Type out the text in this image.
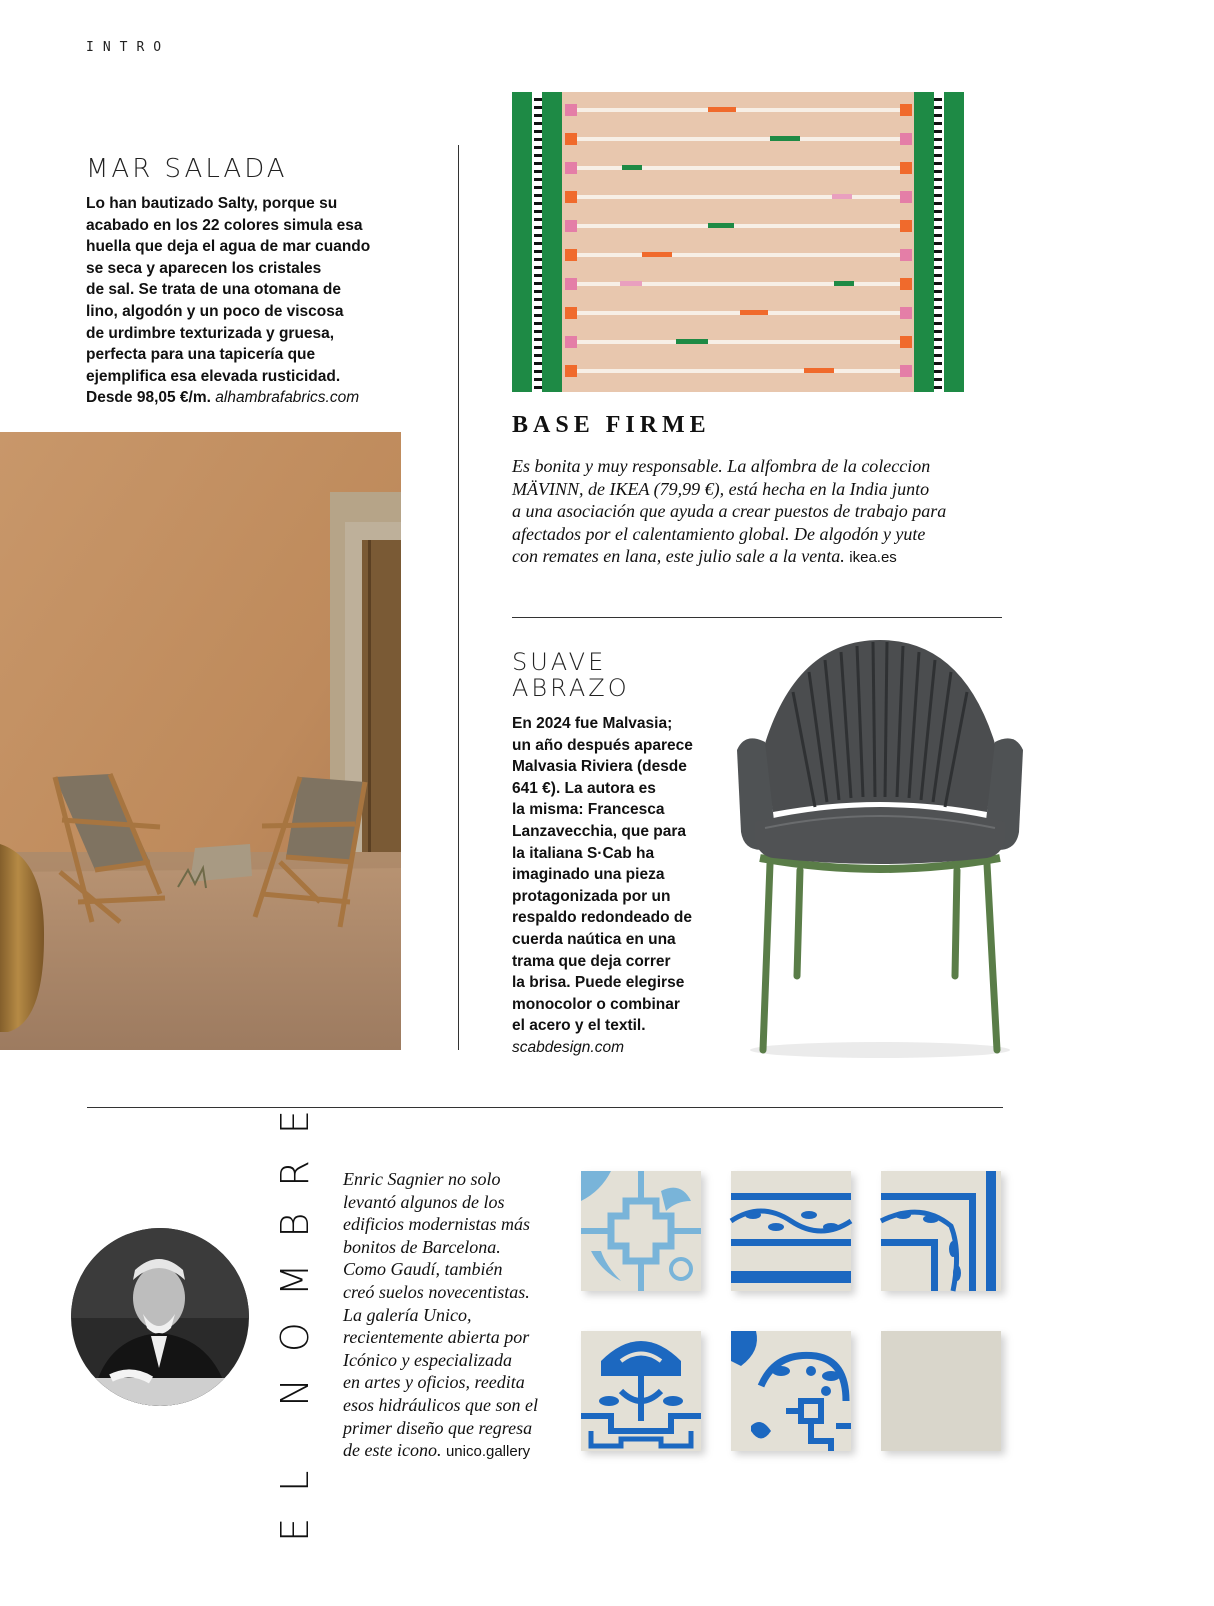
INTRO
MAR SALADA
Lo han bautizado Salty, porque su
acabado en los 22 colores simula esa
huella que deja el agua de mar cuando
se seca y aparecen los cristales
de sal. Se trata de una otomana de
lino, algodón y un poco de viscosa
de urdimbre texturizada y gruesa,
perfecta para una tapicería que
ejemplifica esa elevada rusticidad.
Desde 98,05 €/m. alhambrafabrics.com
BASE FIRME
Es bonita y muy responsable. La alfombra de la coleccion
MÄVINN, de IKEA (79,99 €), está hecha en la India junto
a una asociación que ayuda a crear puestos de trabajo para
afectados por el calentamiento global. De algodón y yute
con remates en lana, este julio sale a la venta. ikea.es
SUAVE
ABRAZO
En 2024 fue Malvasia;
un año después aparece
Malvasia Riviera (desde
641 €). La autora es
la misma: Francesca
Lanzavecchia, que para
la italiana S·Cab ha
imaginado una pieza
protagonizada por un
respaldo redondeado de
cuerda naútica en una
trama que deja correr
la brisa. Puede elegirse
monocolor o combinar
el acero y el textil.
scabdesign.com
EL NOMBRE Enric Sagnier no solo
levantó algunos de los
edificios modernistas más
bonitos de Barcelona.
Como Gaudí, también
creó suelos novecentistas.
La galería Unico,
recientemente abierta por
Icónico y especializada
en artes y oficios, reedita
esos hidráulicos que son el
primer diseño que regresa
de este icono. unico.gallery
